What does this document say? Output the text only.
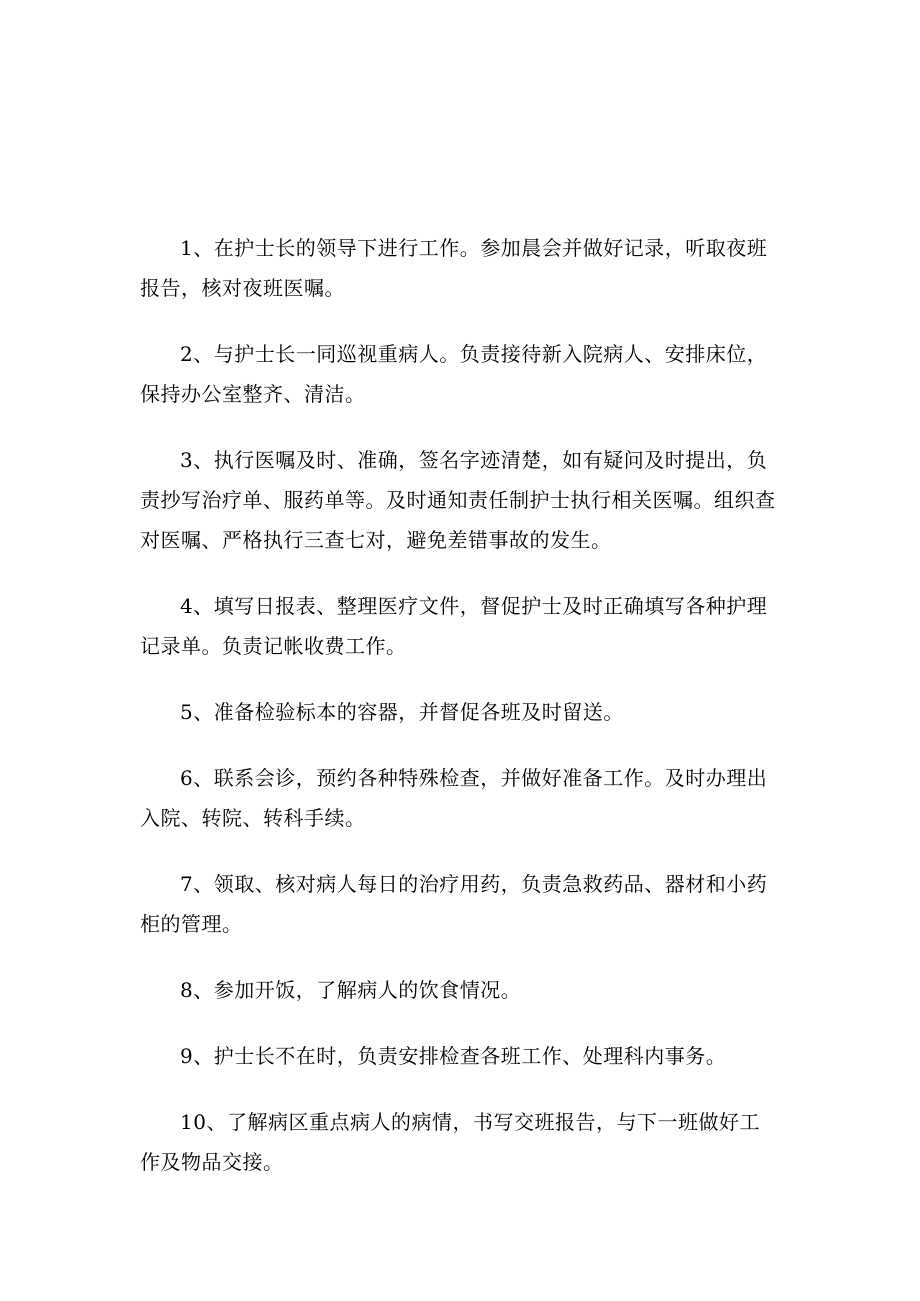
1、在护士长的领导下进行工作。参加晨会并做好记录，听取夜班报告，核对夜班医嘱。

2、与护士长一同巡视重病人。负责接待新入院病人、安排床位，保持办公室整齐、清洁。

3、执行医嘱及时、准确，签名字迹清楚，如有疑问及时提出，负责抄写治疗单、服药单等。及时通知责任制护士执行相关医嘱。组织查对医嘱、严格执行三查七对，避免差错事故的发生。

4、填写日报表、整理医疗文件，督促护士及时正确填写各种护理记录单。负责记帐收费工作。

5、准备检验标本的容器，并督促各班及时留送。

6、联系会诊，预约各种特殊检查，并做好准备工作。及时办理出入院、转院、转科手续。

7、领取、核对病人每日的治疗用药，负责急救药品、器材和小药柜的管理。

8、参加开饭，了解病人的饮食情况。

9、护士长不在时，负责安排检查各班工作、处理科内事务。

10、了解病区重点病人的病情，书写交班报告，与下一班做好工作及物品交接。
